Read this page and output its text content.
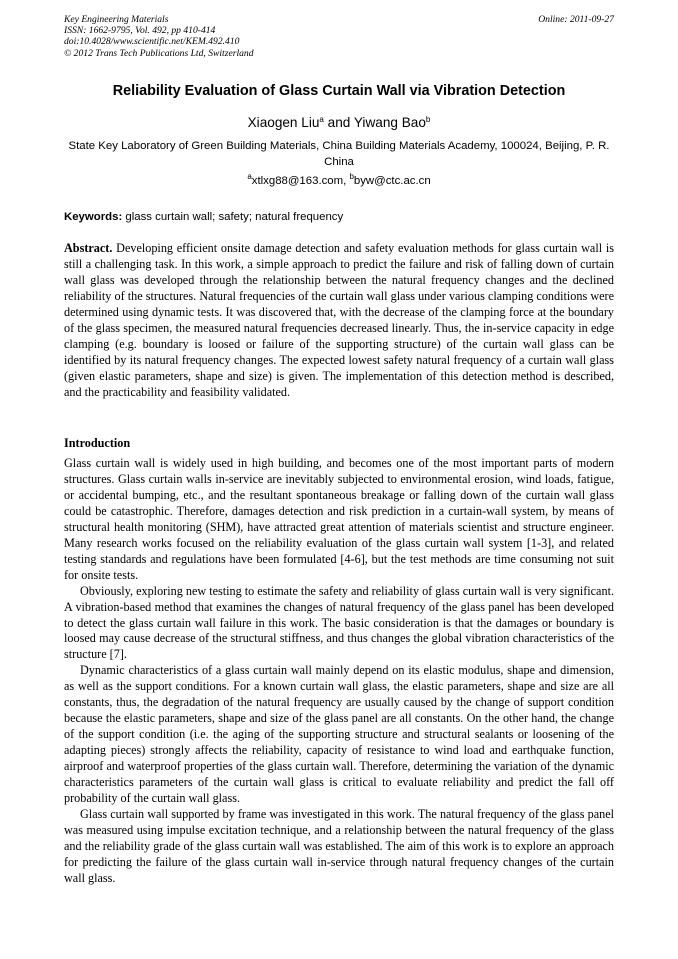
Key Engineering Materials
ISSN: 1662-9795, Vol. 492, pp 410-414
doi:10.4028/www.scientific.net/KEM.492.410
© 2012 Trans Tech Publications Ltd, Switzerland
Online: 2011-09-27
Reliability Evaluation of Glass Curtain Wall via Vibration Detection
Xiaogen Liu$^a$ and Yiwang Bao$^b$
State Key Laboratory of Green Building Materials, China Building Materials Academy, 100024, Beijing, P. R. China
$^a$xtlxg88@163.com, $^b$byw@ctc.ac.cn
Keywords: glass curtain wall; safety; natural frequency
Abstract. Developing efficient onsite damage detection and safety evaluation methods for glass curtain wall is still a challenging task. In this work, a simple approach to predict the failure and risk of falling down of curtain wall glass was developed through the relationship between the natural frequency changes and the declined reliability of the structures. Natural frequencies of the curtain wall glass under various clamping conditions were determined using dynamic tests. It was discovered that, with the decrease of the clamping force at the boundary of the glass specimen, the measured natural frequencies decreased linearly. Thus, the in-service capacity in edge clamping (e.g. boundary is loosed or failure of the supporting structure) of the curtain wall glass can be identified by its natural frequency changes. The expected lowest safety natural frequency of a curtain wall glass (given elastic parameters, shape and size) is given. The implementation of this detection method is described, and the practicability and feasibility validated.
Introduction

Glass curtain wall is widely used in high building, and becomes one of the most important parts of modern structures. Glass curtain walls in-service are inevitably subjected to environmental erosion, wind loads, fatigue, or accidental bumping, etc., and the resultant spontaneous breakage or falling down of the curtain wall glass could be catastrophic. Therefore, damages detection and risk prediction in a curtain-wall system, by means of structural health monitoring (SHM), have attracted great attention of materials scientist and structure engineer. Many research works focused on the reliability evaluation of the glass curtain wall system [1-3], and related testing standards and regulations have been formulated [4-6], but the test methods are time consuming not suit for onsite tests.

Obviously, exploring new testing to estimate the safety and reliability of glass curtain wall is very significant. A vibration-based method that examines the changes of natural frequency of the glass panel has been developed to detect the glass curtain wall failure in this work. The basic consideration is that the damages or boundary is loosed may cause decrease of the structural stiffness, and thus changes the global vibration characteristics of the structure [7].

Dynamic characteristics of a glass curtain wall mainly depend on its elastic modulus, shape and dimension, as well as the support conditions. For a known curtain wall glass, the elastic parameters, shape and size are all constants, thus, the degradation of the natural frequency are usually caused by the change of support condition because the elastic parameters, shape and size of the glass panel are all constants. On the other hand, the change of the support condition (i.e. the aging of the supporting structure and structural sealants or loosening of the adapting pieces) strongly affects the reliability, capacity of resistance to wind load and earthquake function, airproof and waterproof properties of the glass curtain wall. Therefore, determining the variation of the dynamic characteristics parameters of the curtain wall glass is critical to evaluate reliability and predict the fall off probability of the curtain wall glass.

Glass curtain wall supported by frame was investigated in this work. The natural frequency of the glass panel was measured using impulse excitation technique, and a relationship between the natural frequency of the glass and the reliability grade of the glass curtain wall was established. The aim of this work is to explore an approach for predicting the failure of the glass curtain wall in-service through natural frequency changes of the curtain wall glass.
